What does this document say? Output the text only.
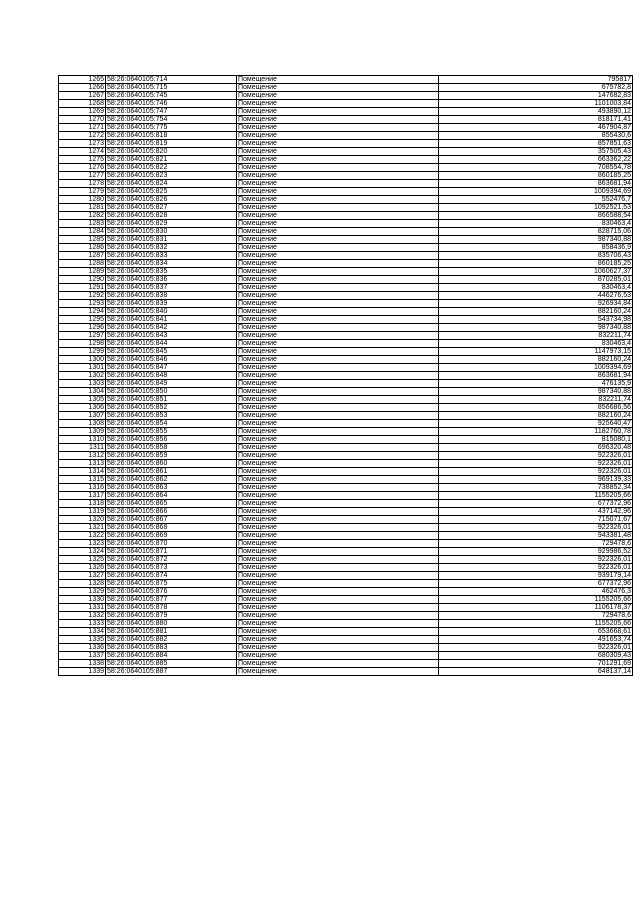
1265	58:26:0640105:714	Помещение	795817
1266	58:26:0640105:715	Помещение	675782,8
1267	58:26:0640105:745	Помещение	147682,83
1268	58:26:0640105:746	Помещение	1101003,84
1269	58:26:0640105:747	Помещение	493890,12
1270	58:26:0640105:754	Помещение	818171,41
1271	58:26:0640105:775	Помещение	467904,87
1272	58:26:0640105:818	Помещение	855430,6
1273	58:26:0640105:819	Помещение	857851,63
1274	58:26:0640105:820	Помещение	357505,43
1275	58:26:0640105:821	Помещение	663362,22
1276	58:26:0640105:822	Помещение	708554,78
1277	58:26:0640105:823	Помещение	860185,25
1278	58:26:0640105:824	Помещение	863681,94
1279	58:26:0640105:825	Помещение	1009394,69
1280	58:26:0640105:826	Помещение	552476,7
1281	58:26:0640105:827	Помещение	1092521,53
1282	58:26:0640105:828	Помещение	866588,54
1283	58:26:0640105:829	Помещение	830463,4
1284	58:26:0640105:830	Помещение	828715,06
1285	58:26:0640105:831	Помещение	987340,88
1286	58:26:0640105:832	Помещение	858436,9
1287	58:26:0640105:833	Помещение	835706,43
1288	58:26:0640105:834	Помещение	860185,25
1289	58:26:0640105:835	Помещение	1060627,37
1290	58:26:0640105:836	Помещение	870285,01
1291	58:26:0640105:837	Помещение	830463,4
1292	58:26:0640105:838	Помещение	446276,53
1293	58:26:0640105:839	Помещение	926934,84
1294	58:26:0640105:840	Помещение	882160,24
1295	58:26:0640105:841	Помещение	543734,98
1296	58:26:0640105:842	Помещение	987340,88
1297	58:26:0640105:843	Помещение	832211,74
1298	58:26:0640105:844	Помещение	830463,4
1299	58:26:0640105:845	Помещение	1147973,15
1300	58:26:0640105:846	Помещение	882160,24
1301	58:26:0640105:847	Помещение	1009394,69
1302	58:26:0640105:848	Помещение	863681,94
1303	58:26:0640105:849	Помещение	476135,9
1304	58:26:0640105:850	Помещение	987340,88
1305	58:26:0640105:851	Помещение	832211,74
1306	58:26:0640105:852	Помещение	856686,56
1307	58:26:0640105:853	Помещение	882160,24
1308	58:26:0640105:854	Помещение	925640,47
1309	58:26:0640105:855	Помещение	1182760,78
1310	58:26:0640105:856	Помещение	815080,1
1311	58:26:0640105:858	Помещение	696320,48
1312	58:26:0640105:859	Помещение	922326,01
1313	58:26:0640105:860	Помещение	922326,01
1314	58:26:0640105:861	Помещение	922326,01
1315	58:26:0640105:862	Помещение	969139,33
1316	58:26:0640105:863	Помещение	738852,34
1317	58:26:0640105:864	Помещение	1155205,66
1318	58:26:0640105:865	Помещение	677372,96
1319	58:26:0640105:866	Помещение	437142,96
1320	58:26:0640105:867	Помещение	715071,67
1321	58:26:0640105:868	Помещение	922326,01
1322	58:26:0640105:869	Помещение	943381,48
1323	58:26:0640105:870	Помещение	729478,6
1324	58:26:0640105:871	Помещение	929986,52
1325	58:26:0640105:872	Помещение	922326,01
1326	58:26:0640105:873	Помещение	922326,01
1327	58:26:0640105:874	Помещение	939179,14
1328	58:26:0640105:875	Помещение	677372,96
1329	58:26:0640105:876	Помещение	462476,3
1330	58:26:0640105:877	Помещение	1155205,66
1331	58:26:0640105:878	Помещение	1106178,37
1332	58:26:0640105:879	Помещение	729478,6
1333	58:26:0640105:880	Помещение	1155205,66
1334	58:26:0640105:881	Помещение	653668,61
1335	58:26:0640105:882	Помещение	491653,74
1336	58:26:0640105:883	Помещение	922326,01
1337	58:26:0640105:884	Помещение	680309,43
1338	58:26:0640105:885	Помещение	701291,69
1339	58:26:0640105:887	Помещение	648137,14
